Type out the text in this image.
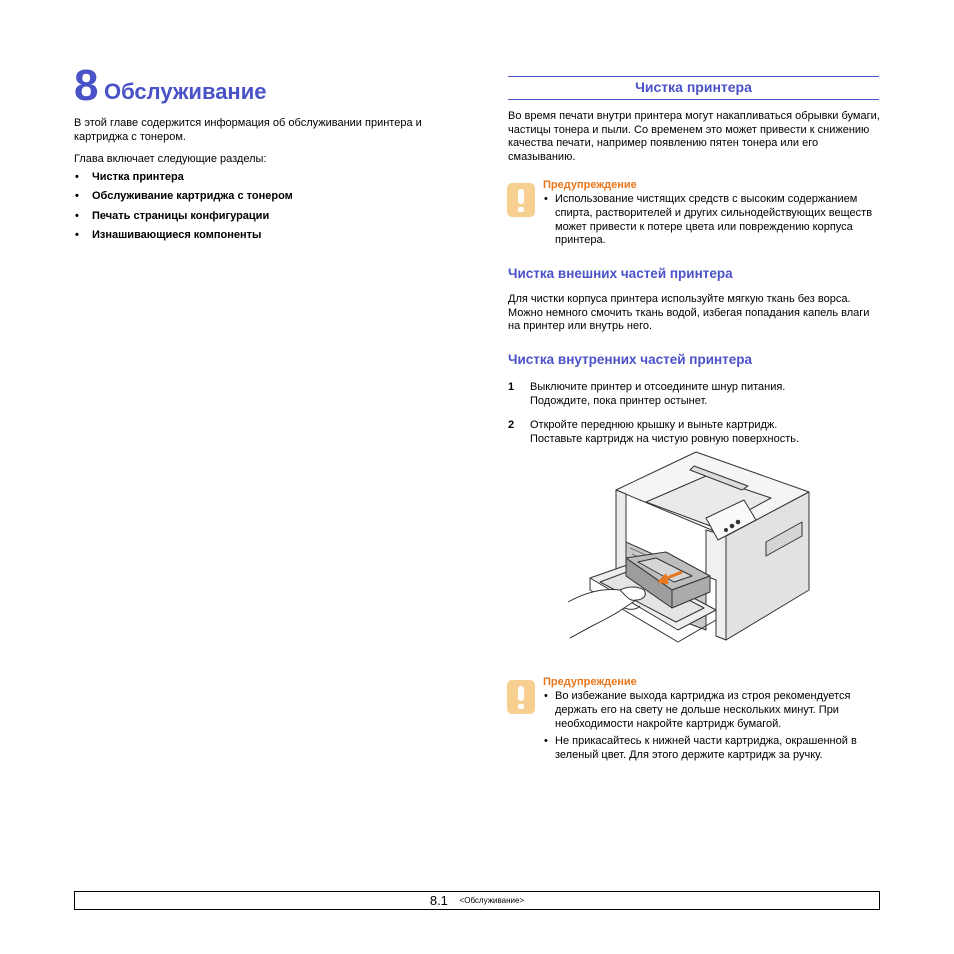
8 Обслуживание
В этой главе содержится информация об обслуживании принтера и картриджа с тонером.
Глава включает следующие разделы:
• Чистка принтера
• Обслуживание картриджа с тонером
• Печать страницы конфигурации
• Изнашивающиеся компоненты
Чистка принтера
Во время печати внутри принтера могут накапливаться обрывки бумаги, частицы тонера и пыли. Со временем это может привести к снижению качества печати, например появлению пятен тонера или его смазыванию.
Предупреждение
• Использование чистящих средств с высоким содержанием спирта, растворителей и других сильнодействующих веществ может привести к потере цвета или повреждению корпуса принтера.
Чистка внешних частей принтера
Для чистки корпуса принтера используйте мягкую ткань без ворса. Можно немного смочить ткань водой, избегая попадания капель влаги на принтер или внутрь него.
Чистка внутренних частей принтера
1 Выключите принтер и отсоедините шнур питания. Подождите, пока принтер остынет.
2 Откройте переднюю крышку и выньте картридж. Поставьте картридж на чистую ровную поверхность.
Предупреждение
• Во избежание выхода картриджа из строя рекомендуется держать его на свету не дольше нескольких минут. При необходимости накройте картридж бумагой.
• Не прикасайтесь к нижней части картриджа, окрашенной в зеленый цвет. Для этого держите картридж за ручку.
8.1 <Обслуживание>
